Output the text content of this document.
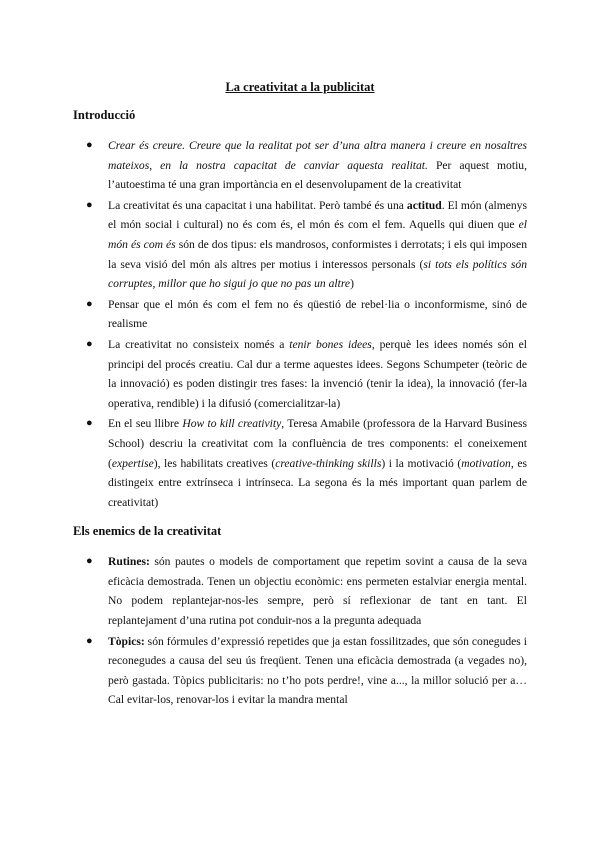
La creativitat a la publicitat
Introducció
● Crear és creure. Creure que la realitat pot ser d’una altra manera i creure en nosaltres mateixos, en la nostra capacitat de canviar aquesta realitat. Per aquest motiu, l’autoestima té una gran importància en el desenvolupament de la creativitat
● La creativitat és una capacitat i una habilitat. Però també és una actitud. El món (almenys el món social i cultural) no és com és, el món és com el fem. Aquells qui diuen que el món és com és són de dos tipus: els mandrosos, conformistes i derrotats; i els qui imposen la seva visió del món als altres per motius i interessos personals (si tots els polítics són corruptes, millor que ho sigui jo que no pas un altre)
● Pensar que el món és com el fem no és qüestió de rebel·lia o inconformisme, sinó de realisme
● La creativitat no consisteix només a tenir bones idees, perquè les idees només són el principi del procés creatiu. Cal dur a terme aquestes idees. Segons Schumpeter (teòric de la innovació) es poden distingir tres fases: la invenció (tenir la idea), la innovació (fer-la operativa, rendible) i la difusió (comercialitzar-la)
● En el seu llibre How to kill creativity, Teresa Amabile (professora de la Harvard Business School) descriu la creativitat com la confluència de tres components: el coneixement (expertise), les habilitats creatives (creative-thinking skills) i la motivació (motivation, es distingeix entre extrínseca i intrínseca. La segona és la més important quan parlem de creativitat)
Els enemics de la creativitat
● Rutines: són pautes o models de comportament que repetim sovint a causa de la seva eficàcia demostrada. Tenen un objectiu econòmic: ens permeten estalviar energia mental. No podem replantejar-nos-les sempre, però sí reflexionar de tant en tant. El replantejament d’una rutina pot conduir-nos a la pregunta adequada
● Tòpics: són fórmules d’expressió repetides que ja estan fossilitzades, que són conegudes i reconegudes a causa del seu ús freqüent. Tenen una eficàcia demostrada (a vegades no), però gastada. Tòpics publicitaris: no t’ho pots perdre!, vine a..., la millor solució per a… Cal evitar-los, renovar-los i evitar la mandra mental
